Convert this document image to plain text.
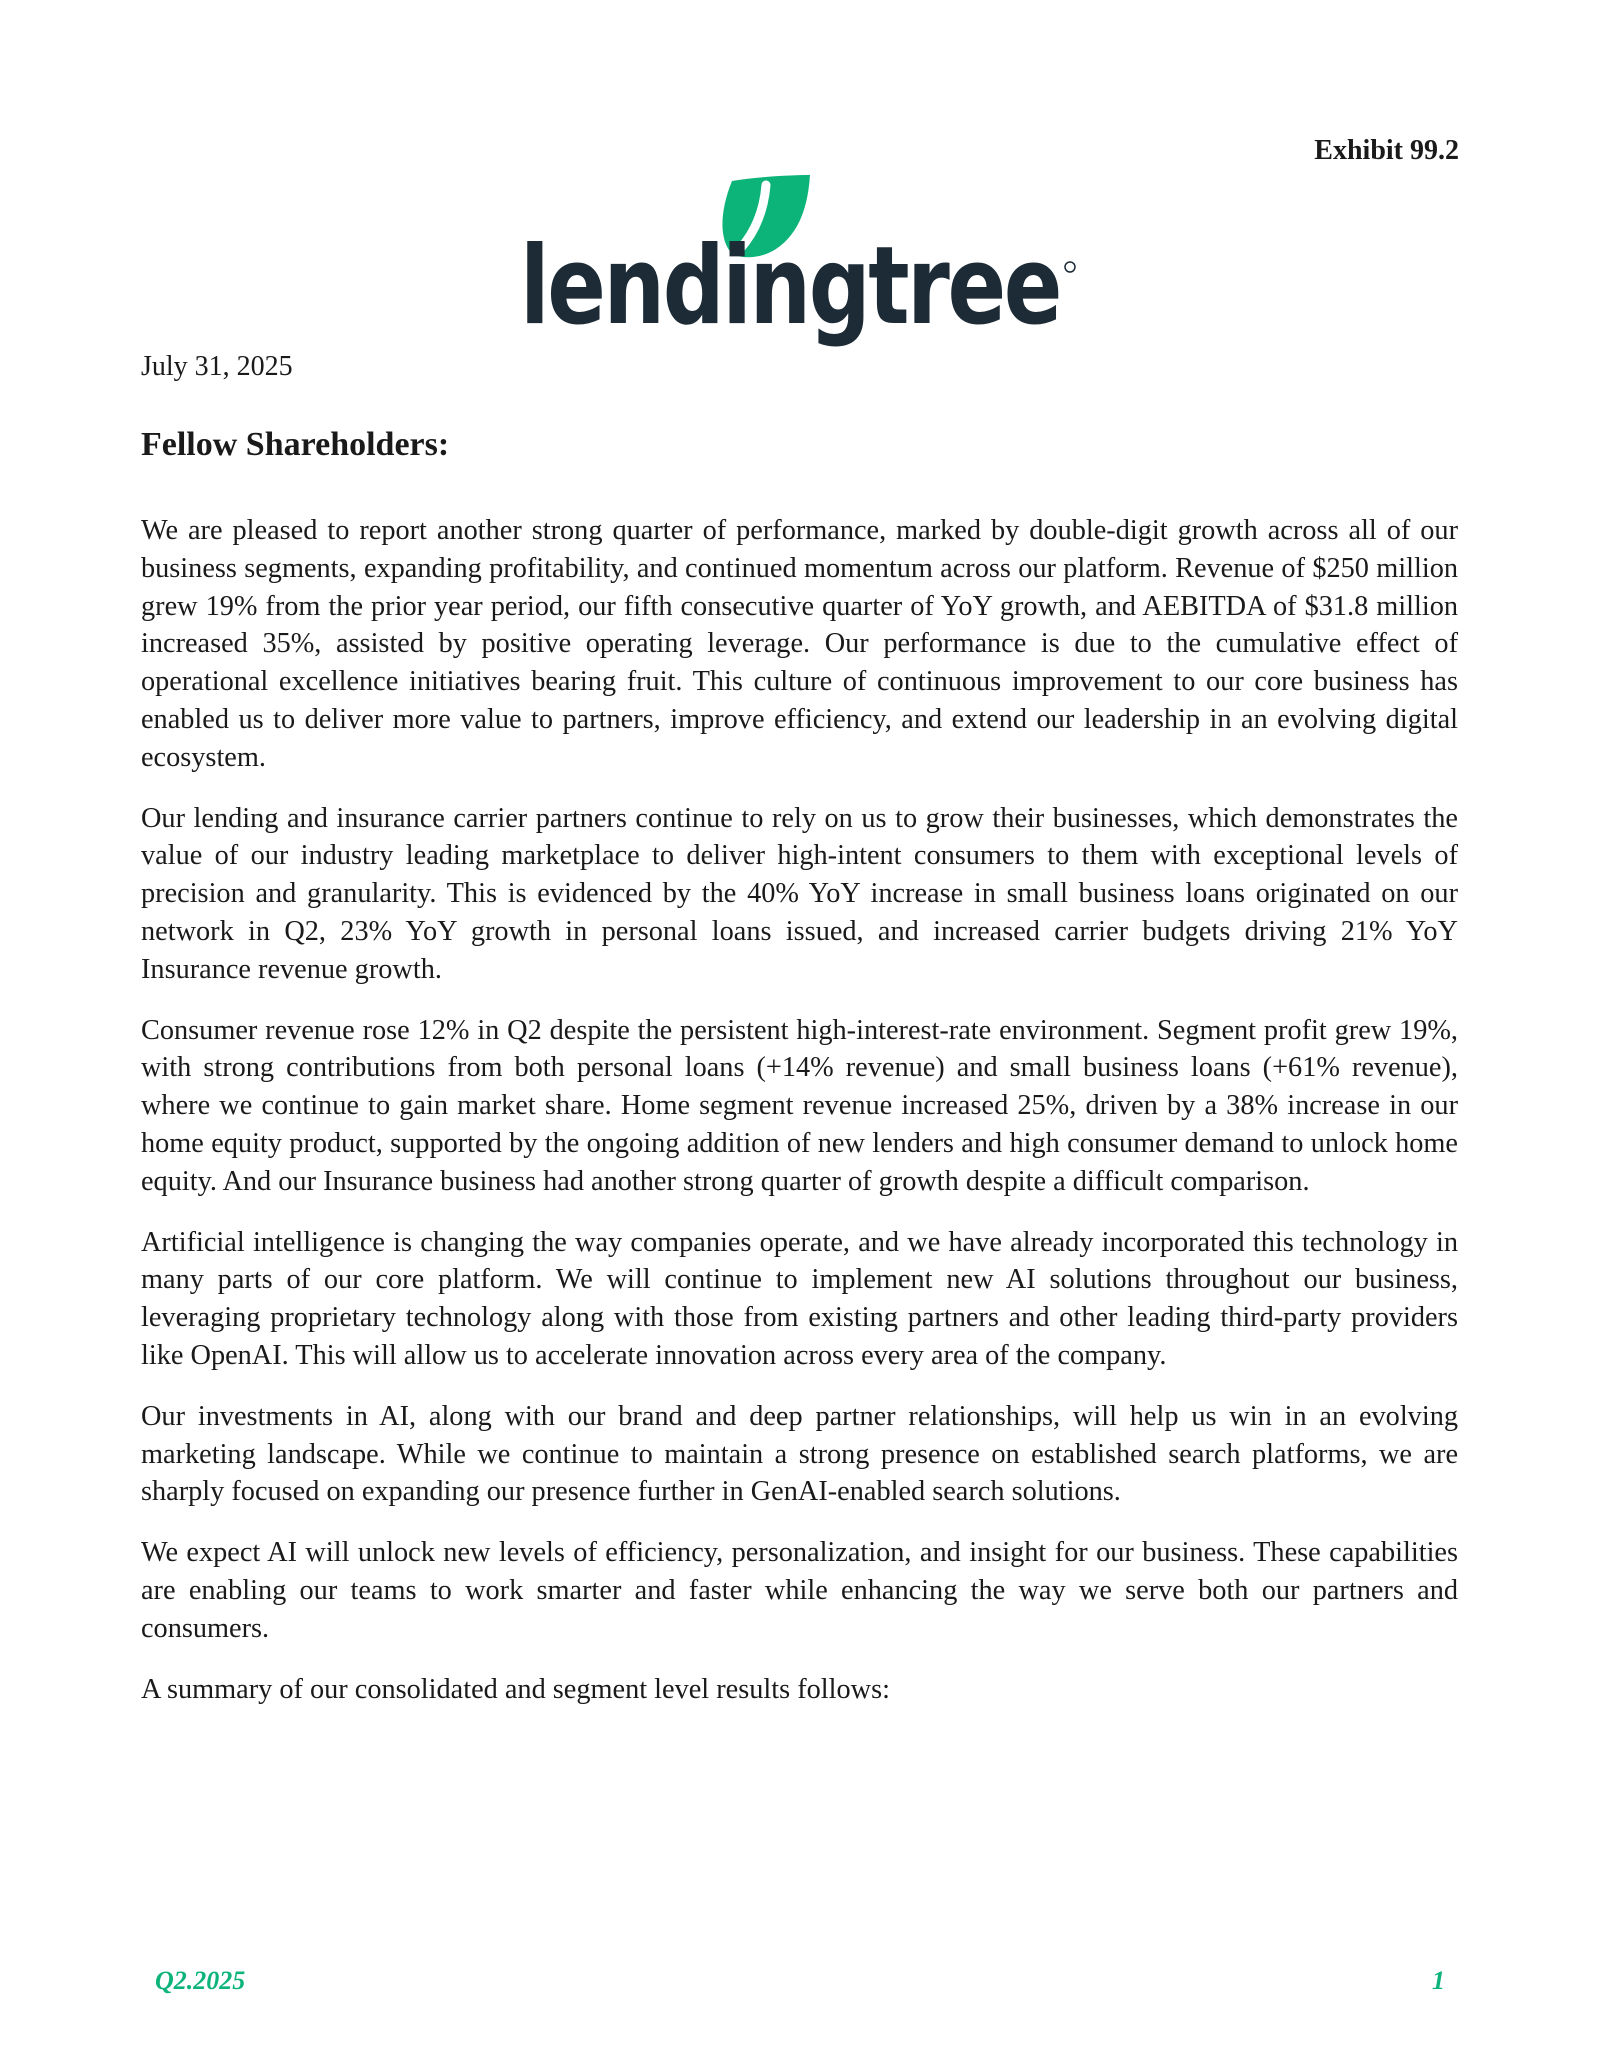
Exhibit 99.2
lendingtree
July 31, 2025
Fellow Shareholders:

We are pleased to report another strong quarter of performance, marked by double-digit growth across all of our business segments, expanding profitability, and continued momentum across our platform. Revenue of $250 million grew 19% from the prior year period, our fifth consecutive quarter of YoY growth, and AEBITDA of $31.8 million increased 35%, assisted by positive operating leverage. Our performance is due to the cumulative effect of operational excellence initiatives bearing fruit. This culture of continuous improvement to our core business has enabled us to deliver more value to partners, improve efficiency, and extend our leadership in an evolving digital ecosystem.

Our lending and insurance carrier partners continue to rely on us to grow their businesses, which demonstrates the value of our industry leading marketplace to deliver high-intent consumers to them with exceptional levels of precision and granularity. This is evidenced by the 40% YoY increase in small business loans originated on our network in Q2, 23% YoY growth in personal loans issued, and increased carrier budgets driving 21% YoY Insurance revenue growth.

Consumer revenue rose 12% in Q2 despite the persistent high-interest-rate environment. Segment profit grew 19%, with strong contributions from both personal loans (+14% revenue) and small business loans (+61% revenue), where we continue to gain market share. Home segment revenue increased 25%, driven by a 38% increase in our home equity product, supported by the ongoing addition of new lenders and high consumer demand to unlock home equity. And our Insurance business had another strong quarter of growth despite a difficult comparison.

Artificial intelligence is changing the way companies operate, and we have already incorporated this technology in many parts of our core platform. We will continue to implement new AI solutions throughout our business, leveraging proprietary technology along with those from existing partners and other leading third-party providers like OpenAI. This will allow us to accelerate innovation across every area of the company.

Our investments in AI, along with our brand and deep partner relationships, will help us win in an evolving marketing landscape. While we continue to maintain a strong presence on established search platforms, we are sharply focused on expanding our presence further in GenAI-enabled search solutions.

We expect AI will unlock new levels of efficiency, personalization, and insight for our business. These capabilities are enabling our teams to work smarter and faster while enhancing the way we serve both our partners and consumers.

A summary of our consolidated and segment level results follows:

Q2.2025	1
